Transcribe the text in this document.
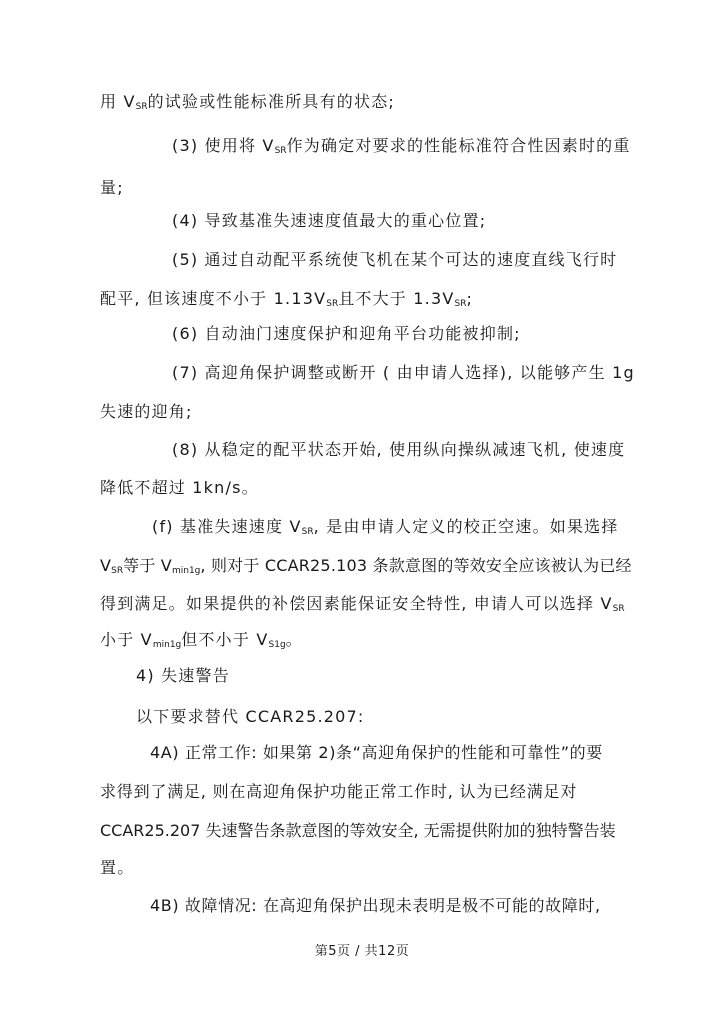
用 $V_{SR}$的试验或性能标准所具有的状态;
(3) 使用将 $V_{SR}$作为确定对要求的性能标准符合性因素时的重
量;
(4) 导致基准失速速度值最大的重心位置;
(5) 通过自动配平系统使飞机在某个可达的速度直线飞行时
配平, 但该速度不小于 $1.13V_{SR}$且不大于 $1.3V_{SR}$;
(6) 自动油门速度保护和迎角平台功能被抑制;
(7) 高迎角保护调整或断开 ( 由申请人选择), 以能够产生 1g
失速的迎角;
(8) 从稳定的配平状态开始, 使用纵向操纵减速飞机, 使速度
降低不超过 1kn/s。
(f) 基准失速速度 $V_{SR}$, 是由申请人定义的校正空速。如果选择
$V_{SR}$等于 $V_{min1g}$, 则对于 CCAR25.103 条款意图的等效安全应该被认为已经
得到满足。如果提供的补偿因素能保证安全特性, 申请人可以选择 $V_{SR}$
小于 $V_{min1g}$但不小于 $V_{S1g}$。
4) 失速警告
以下要求替代 CCAR25.207:
4A) 正常工作: 如果第 2)条“高迎角保护的性能和可靠性”的要
求得到了满足, 则在高迎角保护功能正常工作时, 认为已经满足对
CCAR25.207 失速警告条款意图的等效安全, 无需提供附加的独特警告装
置。
4B) 故障情况: 在高迎角保护出现未表明是极不可能的故障时,
第5页 / 共12页
